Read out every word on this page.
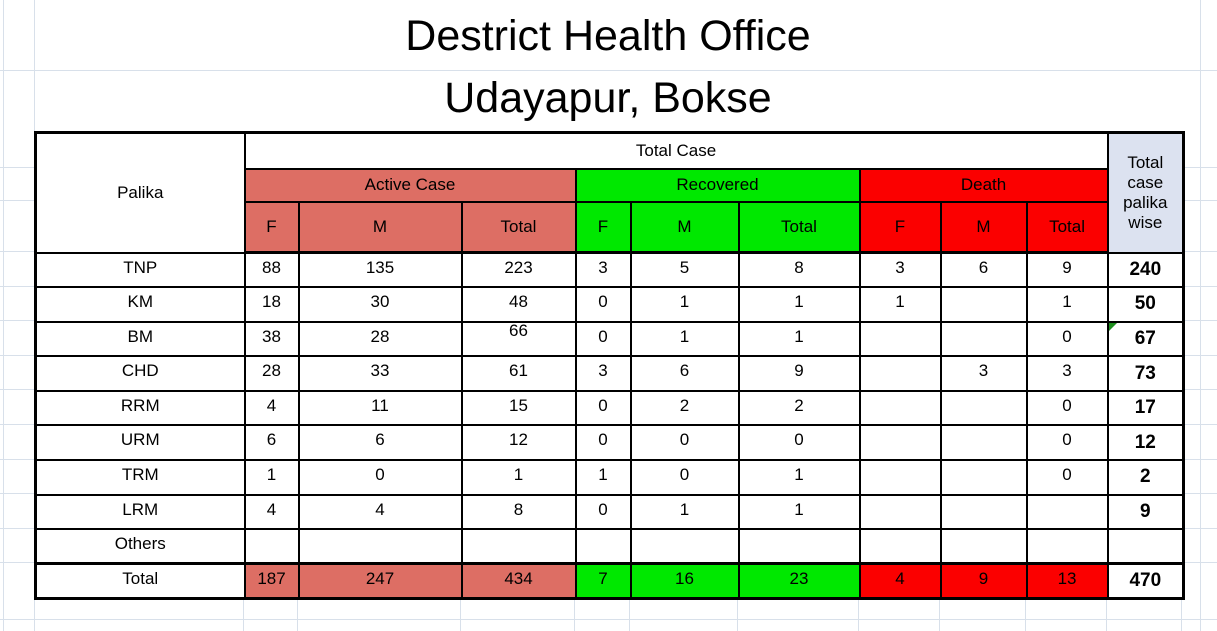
Destrict Health Office
Udayapur, Bokse
Palika	Total Case									Total case palika wise
	Active Case			Recovered			Death			
	F	M	Total	F	M	Total	F	M	Total	
TNP	88	135	223	3	5	8	3	6	9	240
KM	18	30	48	0	1	1	1		1	50
BM	38	28	66	0	1	1			0	67
CHD	28	33	61	3	6	9		3	3	73
RRM	4	11	15	0	2	2			0	17
URM	6	6	12	0	0	0			0	12
TRM	1	0	1	1	0	1			0	2
LRM	4	4	8	0	1	1				9
Others										
Total	187	247	434	7	16	23	4	9	13	470
